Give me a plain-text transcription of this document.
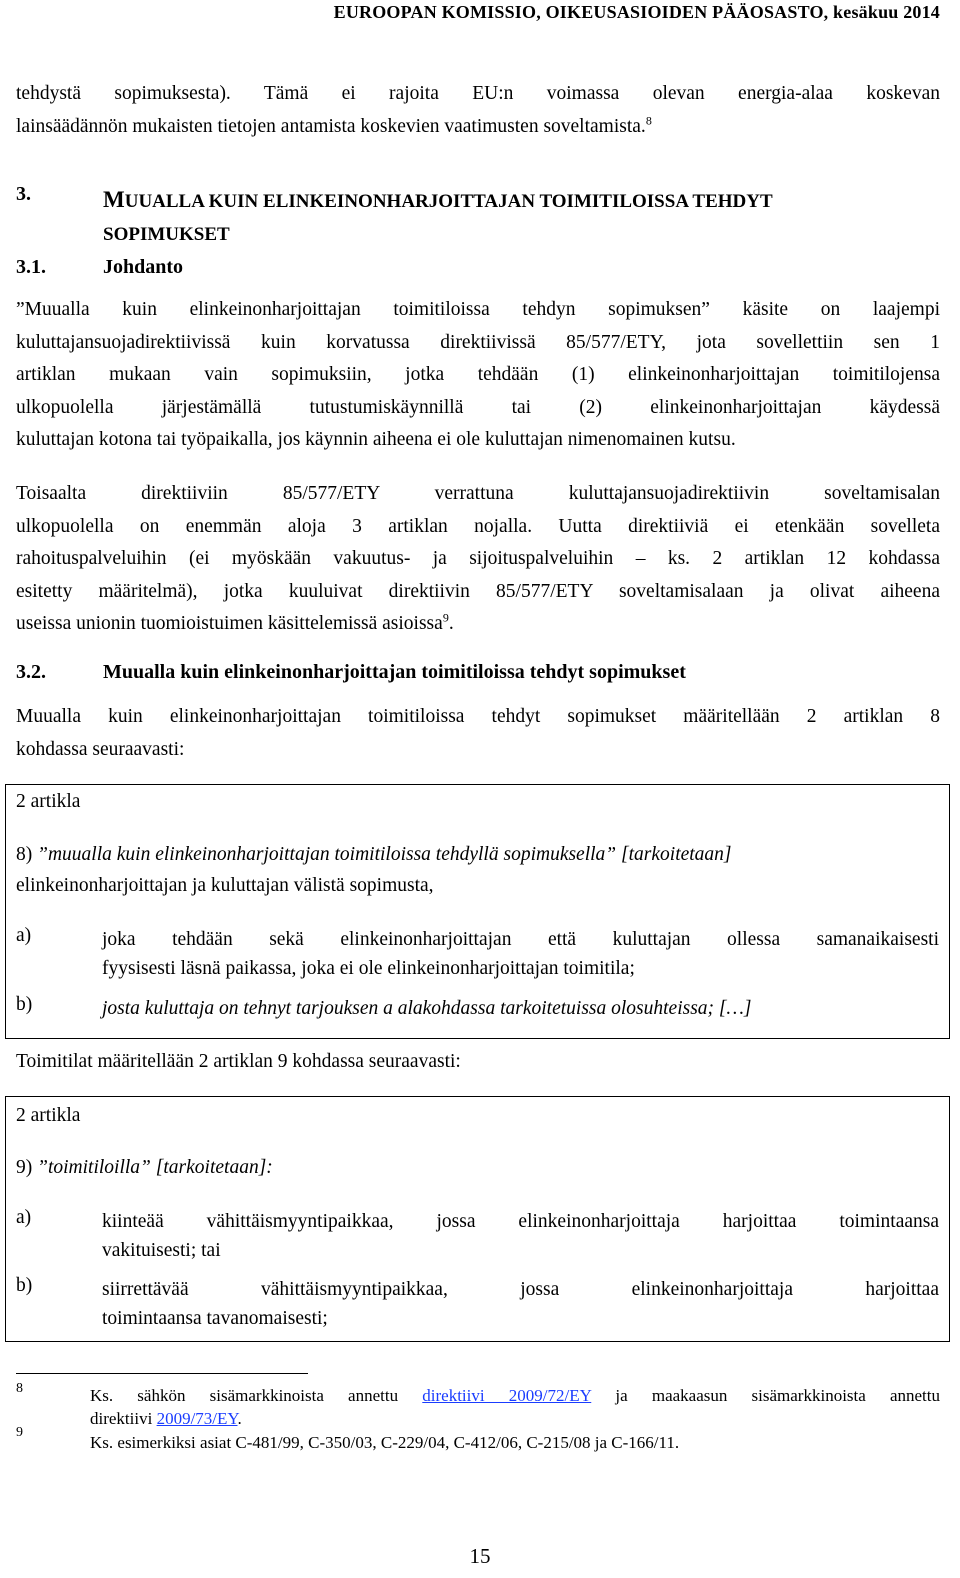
EUROOPAN KOMISSIO, OIKEUSASIOIDEN PÄÄOSASTO, kesäkuu 2014
tehdystä sopimuksesta). Tämä ei rajoita EU:n voimassa olevan energia-alaa koskevan
lainsäädännön mukaisten tietojen antamista koskevien vaatimusten soveltamista.$^8$
3.	MUUALLA KUIN ELINKEINONHARJOITTAJAN TOIMITILOISSA TEHDYT
SOPIMUKSET
3.1.	Johdanto
”Muualla kuin elinkeinonharjoittajan toimitiloissa tehdyn sopimuksen” käsite on laajempi
kuluttajansuojadirektiivissä kuin korvatussa direktiivissä 85/577/ETY, jota sovellettiin sen 1
artiklan mukaan vain sopimuksiin, jotka tehdään (1) elinkeinonharjoittajan toimitilojensa
ulkopuolella järjestämällä tutustumiskäynnillä tai (2) elinkeinonharjoittajan käydessä
kuluttajan kotona tai työpaikalla, jos käynnin aiheena ei ole kuluttajan nimenomainen kutsu.
Toisaalta direktiiviin 85/577/ETY verrattuna kuluttajansuojadirektiivin soveltamisalan
ulkopuolella on enemmän aloja 3 artiklan nojalla. Uutta direktiiviä ei etenkään sovelleta
rahoituspalveluihin (ei myöskään vakuutus- ja sijoituspalveluihin – ks. 2 artiklan 12 kohdassa
esitetty määritelmä), jotka kuuluivat direktiivin 85/577/ETY soveltamisalaan ja olivat aiheena
useissa unionin tuomioistuimen käsittelemissä asioissa$^9$.
3.2.	Muualla kuin elinkeinonharjoittajan toimitiloissa tehdyt sopimukset
Muualla kuin elinkeinonharjoittajan toimitiloissa tehdyt sopimukset määritellään 2 artiklan 8
kohdassa seuraavasti:
2 artikla
8) ”muualla kuin elinkeinonharjoittajan toimitiloissa tehdyllä sopimuksella” [tarkoitetaan]
elinkeinonharjoittajan ja kuluttajan välistä sopimusta,
a)	joka tehdään sekä elinkeinonharjoittajan että kuluttajan ollessa samanaikaisesti
fyysisesti läsnä paikassa, joka ei ole elinkeinonharjoittajan toimitila;
b)	josta kuluttaja on tehnyt tarjouksen a alakohdassa tarkoitetuissa olosuhteissa; […]
Toimitilat määritellään 2 artiklan 9 kohdassa seuraavasti:
2 artikla
9) ”toimitiloilla” [tarkoitetaan]:
a)	kiinteää vähittäismyyntipaikkaa, jossa elinkeinonharjoittaja harjoittaa toimintaansa
vakituisesti; tai
b)	siirrettävää vähittäismyyntipaikkaa, jossa elinkeinonharjoittaja harjoittaa
toimintaansa tavanomaisesti;
8	Ks. sähkön sisämarkkinoista annettu direktiivi 2009/72/EY ja maakaasun sisämarkkinoista annettu
direktiivi 2009/73/EY.
9
Ks. esimerkiksi asiat C-481/99, C-350/03, C-229/04, C-412/06, C-215/08 ja C-166/11.
15
